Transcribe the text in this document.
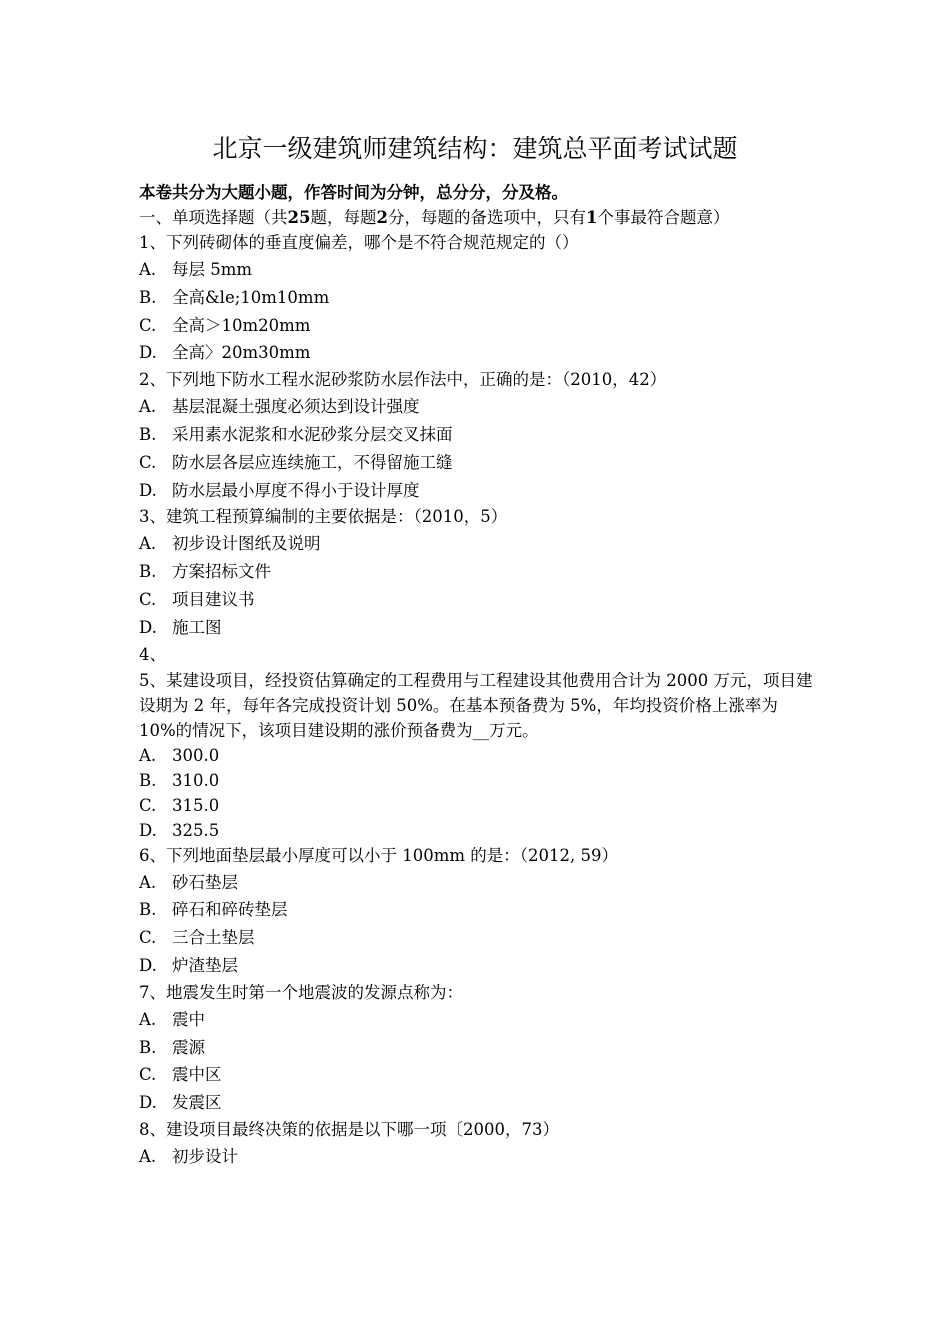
北京一级建筑师建筑结构：建筑总平面考试试题
本卷共分为大题小题，作答时间为分钟，总分分，分及格。
一、单项选择题（共25题，每题2分，每题的备选项中，只有1个事最符合题意）
1、下列砖砌体的垂直度偏差，哪个是不符合规范规定的（）
A. 每层 5mm
B. 全高&le;10m10mm
C. 全高＞10m20mm
D. 全高〉20m30mm
2、下列地下防水工程水泥砂浆防水层作法中，正确的是：（2010，42）
A. 基层混凝土强度必须达到设计强度
B. 采用素水泥浆和水泥砂浆分层交叉抹面
C. 防水层各层应连续施工，不得留施工缝
D. 防水层最小厚度不得小于设计厚度
3、建筑工程预算编制的主要依据是：（2010，5）
A. 初步设计图纸及说明
B. 方案招标文件
C. 项目建议书
D. 施工图
4、
5、某建设项目，经投资估算确定的工程费用与工程建设其他费用合计为 2000 万元，项目建设期为 2 年，每年各完成投资计划 50%。在基本预备费为 5%，年均投资价格上涨率为 10%的情况下，该项目建设期的涨价预备费为__万元。
A. 300.0
B. 310.0
C. 315.0
D. 325.5
6、下列地面垫层最小厚度可以小于 100mm 的是：（2012, 59）
A. 砂石垫层
B. 碎石和碎砖垫层
C. 三合土垫层
D. 炉渣垫层
7、地震发生时第一个地震波的发源点称为：
A. 震中
B. 震源
C. 震中区
D. 发震区
8、建设项目最终决策的依据是以下哪一项〔2000，73）
A. 初步设计
